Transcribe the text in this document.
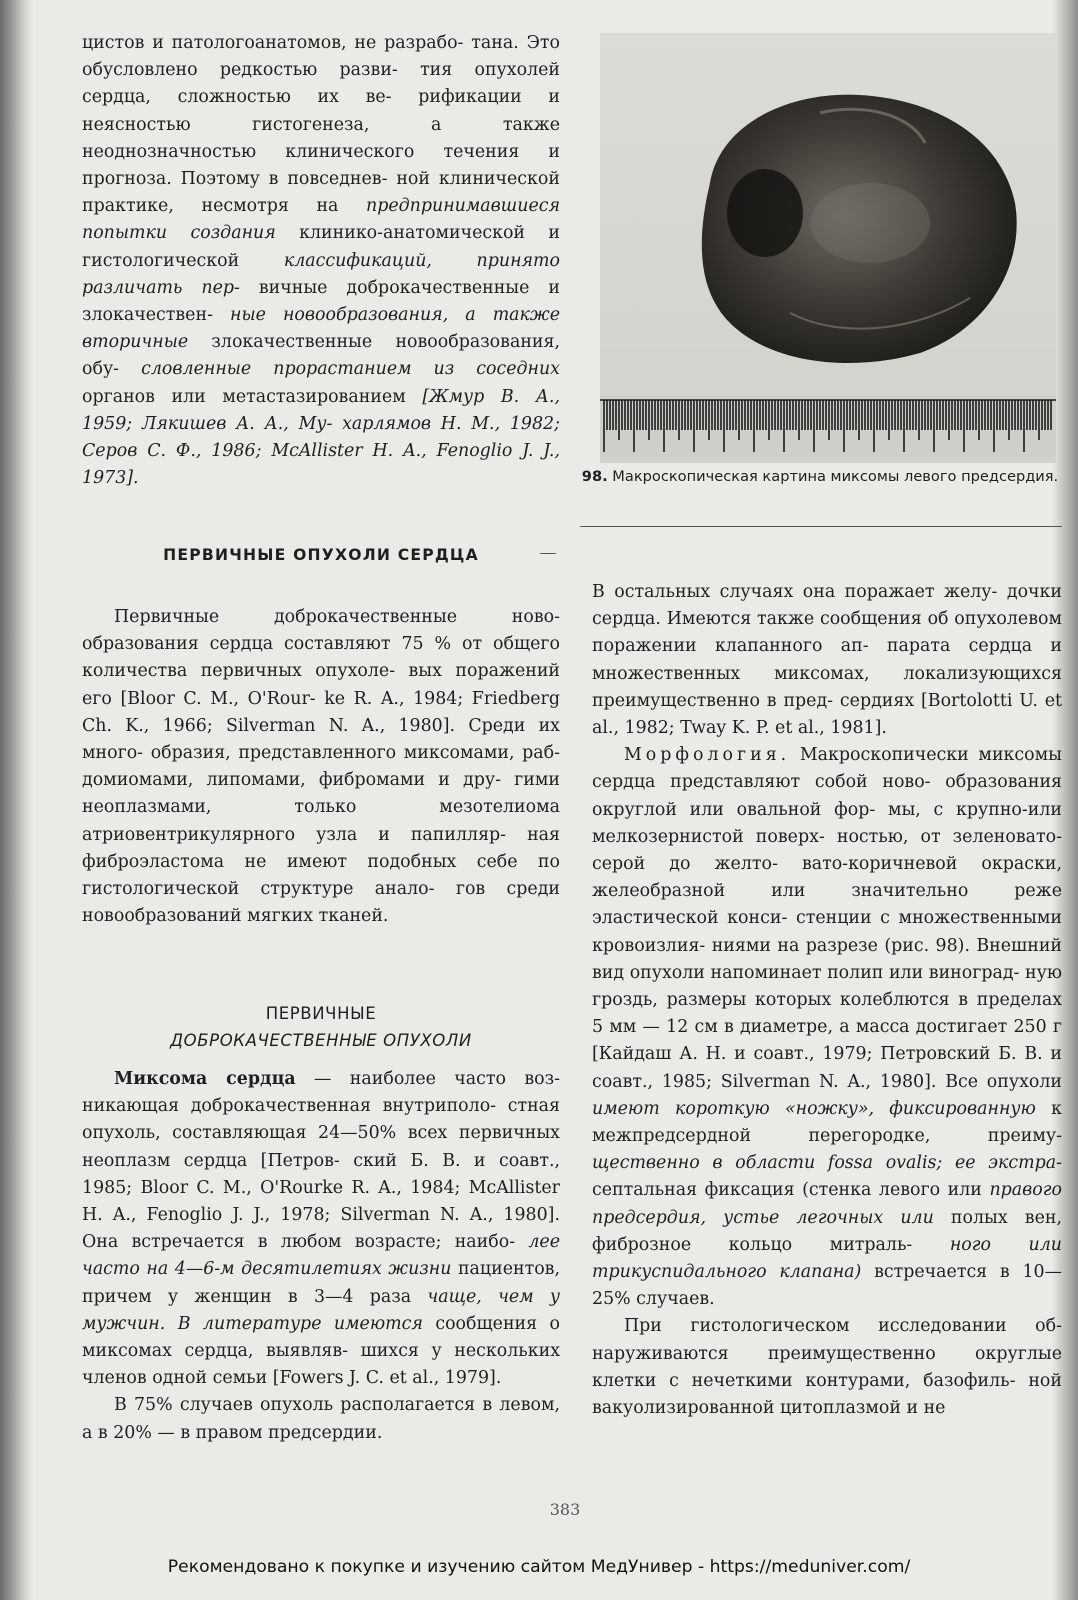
цистов и патологоанатомов, не разрабо- тана. Это обусловлено редкостью разви- тия опухолей сердца, сложностью их ве- рификации и неясностью гистогенеза,	а также неоднозначностью клинического течения и прогноза. Поэтому в повседнев- ной клинической практике, несмотря на предпринимавшиеся попытки создания клинико-анатомической и гистологической	классификаций, принято различать пер- вичные доброкачественные и злокачествен- ные новообразования, а также вторичные злокачественные новообразования, обу- словленные прорастанием из соседних органов или метастазированием [Жмур В. А., 1959; Лякишев А. А., Му- харлямов Н. М., 1982; Серов С. Ф., 1986; McAllister H. A., Fenoglio J. J., 1973].

ПЕРВИЧНЫЕ ОПУХОЛИ СЕРДЦА

Первичные доброкачественные ново- образования сердца составляют 75 % от общего количества первичных опухоле- вых поражений его [Bloor C. M., O'Rour- ke R. A., 1984; Friedberg Ch. K., 1966; Silverman N. A., 1980]. Среди их много- образия, представленного миксомами, раб- домиомами, липомами, фибромами и дру- гими неоплазмами, только мезотелиома атриовентрикулярного узла и папилляр- ная фиброэластома не имеют подобных себе по гистологической структуре анало- гов среди новообразований мягких тканей.

ПЕРВИЧНЫЕ
ДОБРОКАЧЕСТВЕННЫЕ ОПУХОЛИ

Миксома сердца — наиболее часто воз- никающая доброкачественная внутриполо- стная опухоль, составляющая 24—50% всех первичных неоплазм сердца [Петров- ский Б. В. и соавт., 1985; Bloor C. M., O'Rourke R. A., 1984; McAllister H. A., Fenoglio J. J., 1978; Silverman N. A., 1980]. Она встречается в любом возрасте; наибо- лее часто на 4—6-м десятилетиях жизни пациентов, причем у женщин в 3—4 раза чаще, чем у мужчин. В литературе имеются сообщения о миксомах сердца, выявляв- шихся у нескольких членов одной семьи [Fowers J. C. et al., 1979].

В 75% случаев опухоль располагается в левом, а в 20% — в правом предсердии.

98. Макроскопическая картина миксомы левого предсердия.

В остальных случаях она поражает желу- дочки сердца. Имеются также сообщения об опухолевом поражении клапанного ап- парата сердца и множественных миксомах, локализующихся преимущественно в пред- сердиях [Bortolotti U. et al., 1982; Tway K. P. et al., 1981].

Морфология. Макроскопически миксомы сердца представляют собой ново- образования округлой или овальной фор- мы, с крупно-или мелкозернистой поверх- ностью, от зеленовато-серой до желто- вато-коричневой окраски, желеобразной	или значительно реже эластической конси- стенции с множественными кровоизлия- ниями на разрезе (рис. 98). Внешний вид опухоли напоминает полип или виноград- ную гроздь, размеры которых колеблются в пределах 5 мм — 12 см в диаметре, а масса достигает 250 г [Кайдаш А. Н. и соавт., 1979; Петровский Б. В. и соавт., 1985; Silverman N. A., 1980]. Все опухоли имеют короткую «ножку», фиксированную к межпредсердной перегородке, преиму- щественно в области fossa ovalis; ее экстра- септальная фиксация (стенка левого или правого предсердия, устье легочных или полых вен, фиброзное кольцо митраль- ного или трикуспидального клапана) встречается в 10—25% случаев.

При гистологическом исследовании об- наруживаются преимущественно округлые клетки с нечеткими контурами, базофиль- ной вакуолизированной цитоплазмой и не

383
Рекомендовано к покупке и изучению сайтом МедУнивер - https://meduniver.com/
